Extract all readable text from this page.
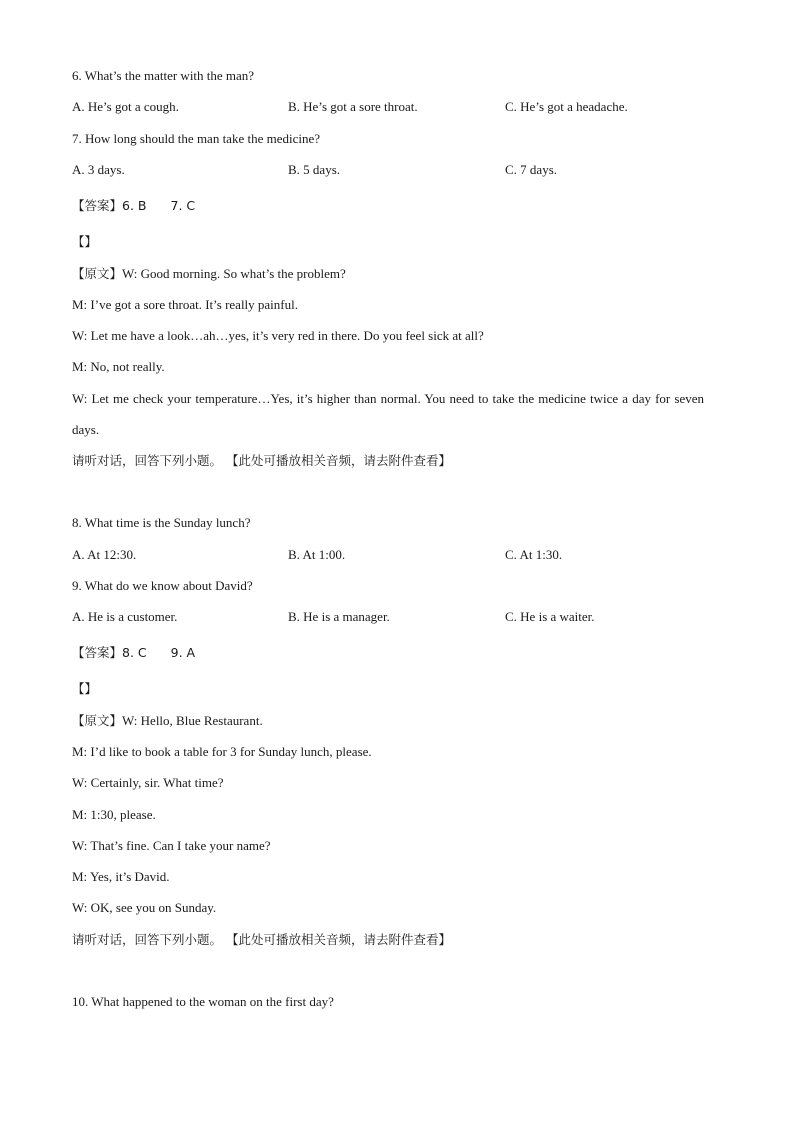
6. What’s the matter with the man?
A. He’s got a cough.	B. He’s got a sore throat.	C. He’s got a headache.
7. How long should the man take the medicine?
A. 3 days.	B. 5 days.	C. 7 days.
【答案】6. B 7. C
【】
【原文】W: Good morning. So what’s the problem?
M: I’ve got a sore throat. It’s really painful.
W: Let me have a look…ah…yes, it’s very red in there. Do you feel sick at all?
M: No, not really.
W: Let me check your temperature…Yes, it’s higher than normal. You need to take the medicine twice a day for seven days.
请听对话，回答下列小题。 【此处可播放相关音频，请去附件查看】
8. What time is the Sunday lunch?
A. At 12:30.	B. At 1:00.	C. At 1:30.
9. What do we know about David?
A. He is a customer.	B. He is a manager.	C. He is a waiter.
【答案】8. C 9. A
【】
【原文】W: Hello, Blue Restaurant.
M: I’d like to book a table for 3 for Sunday lunch, please.
W: Certainly, sir. What time?
M: 1:30, please.
W: That’s fine. Can I take your name?
M: Yes, it’s David.
W: OK, see you on Sunday.
请听对话，回答下列小题。 【此处可播放相关音频，请去附件查看】
10. What happened to the woman on the first day?
